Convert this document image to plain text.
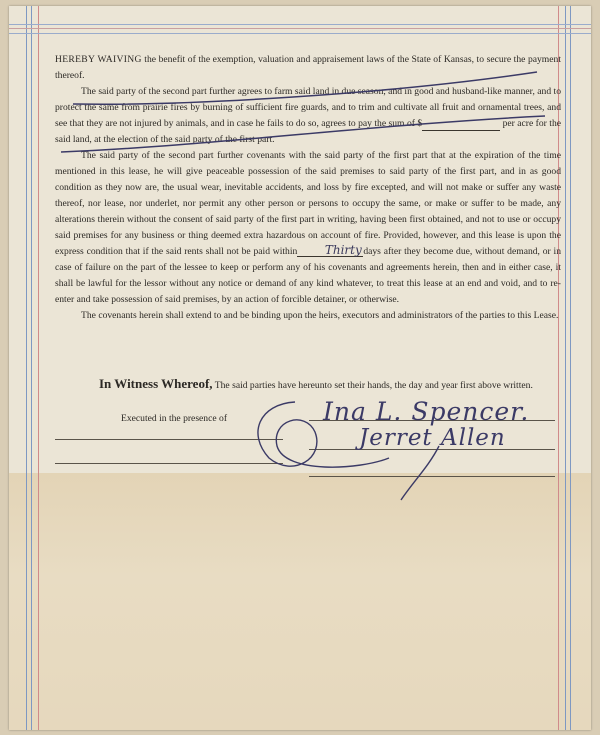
HEREBY WAIVING the benefit of the exemption, valuation and appraisement laws of the State of Kansas, to secure the payment thereof.

The said party of the second part further agrees to farm said land in due season, and in good and husband-like manner, and to protect the same from prairie fires by burning of sufficient fire guards, and to trim and cultivate all fruit and ornamental trees, and see that they are not injured by animals, and in case he fails to do so, agrees to pay the sum of $	per acre for the said land, at the election of the said party of the first part.

The said party of the second part further covenants with the said party of the first part that at the expiration of the time mentioned in this lease, he will give peaceable possession of the said premises to said party of the first part, and in as good condition as they now are, the usual wear, inevitable accidents, and loss by fire excepted, and will not make or suffer any waste thereof, nor lease, nor underlet, nor permit any other person or persons to occupy the same, or make or suffer to be made, any alterations therein without the consent of said party of the first part in writing, having been first obtained, and not to use or occupy said premises for any business or thing deemed extra hazardous on account of fire. Provided, however, and this lease is upon the express condition that if the said rents shall not be paid within Thirty days after they become due, without demand, or in case of failure on the part of the lessee to keep or perform any of his covenants and agreements herein, then and in either case, it shall be lawful for the lessor without any notice or demand of any kind whatever, to treat this lease at an end and void, and to re-enter and take possession of said premises, by an action of forcible detainer, or otherwise.

The covenants herein shall extend to and be binding upon the heirs, executors and administrators of the parties to this Lease.

In Witness Whereof, The said parties have hereunto set their hands, the day and year first above written.
Executed in the presence of	Ina L. Spencer.
Jerret Allen
